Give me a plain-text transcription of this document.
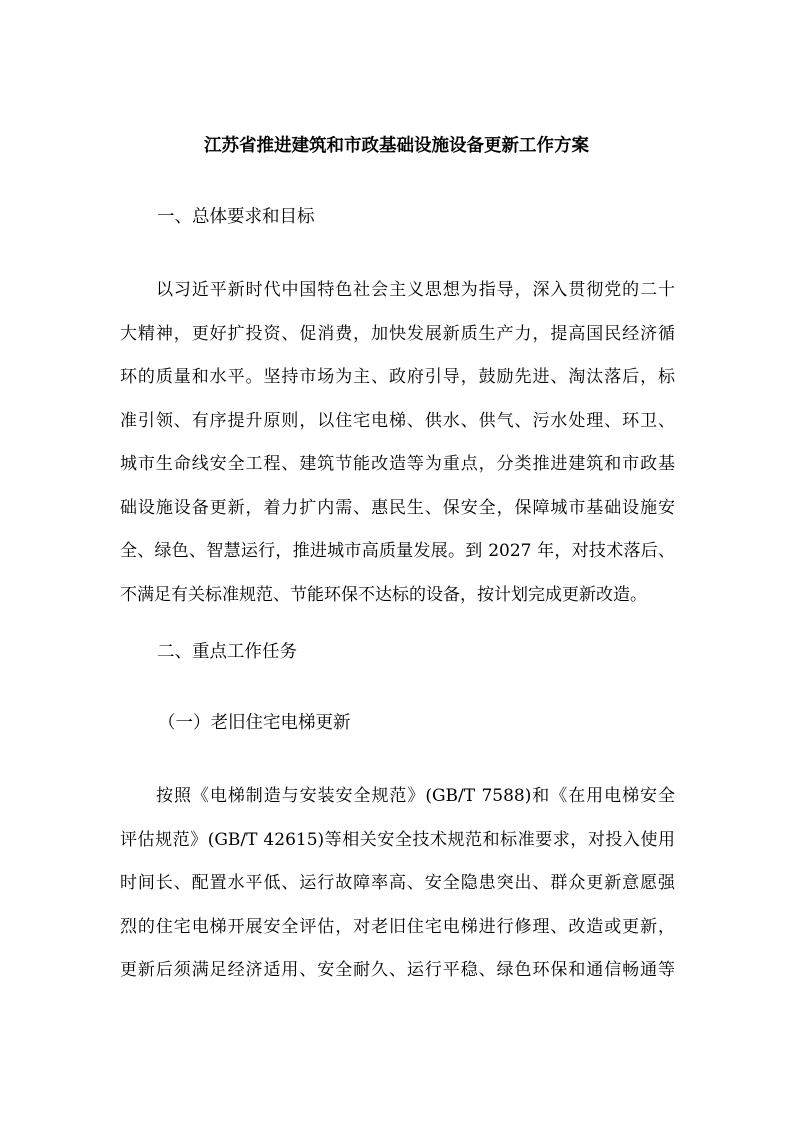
江苏省推进建筑和市政基础设施设备更新工作方案
一、总体要求和目标
以习近平新时代中国特色社会主义思想为指导，深入贯彻党的二十
大精神，更好扩投资、促消费，加快发展新质生产力，提高国民经济循
环的质量和水平。坚持市场为主、政府引导，鼓励先进、淘汰落后，标
准引领、有序提升原则，以住宅电梯、供水、供气、污水处理、环卫、
城市生命线安全工程、建筑节能改造等为重点，分类推进建筑和市政基
础设施设备更新，着力扩内需、惠民生、保安全，保障城市基础设施安
全、绿色、智慧运行，推进城市高质量发展。到 2027 年，对技术落后、
不满足有关标准规范、节能环保不达标的设备，按计划完成更新改造。
二、重点工作任务
（一）老旧住宅电梯更新
按照《电梯制造与安装安全规范》(GB/T 7588)和《在用电梯安全
评估规范》(GB/T 42615)等相关安全技术规范和标准要求，对投入使用
时间长、配置水平低、运行故障率高、安全隐患突出、群众更新意愿强
烈的住宅电梯开展安全评估，对老旧住宅电梯进行修理、改造或更新，
更新后须满足经济适用、安全耐久、运行平稳、绿色环保和通信畅通等
